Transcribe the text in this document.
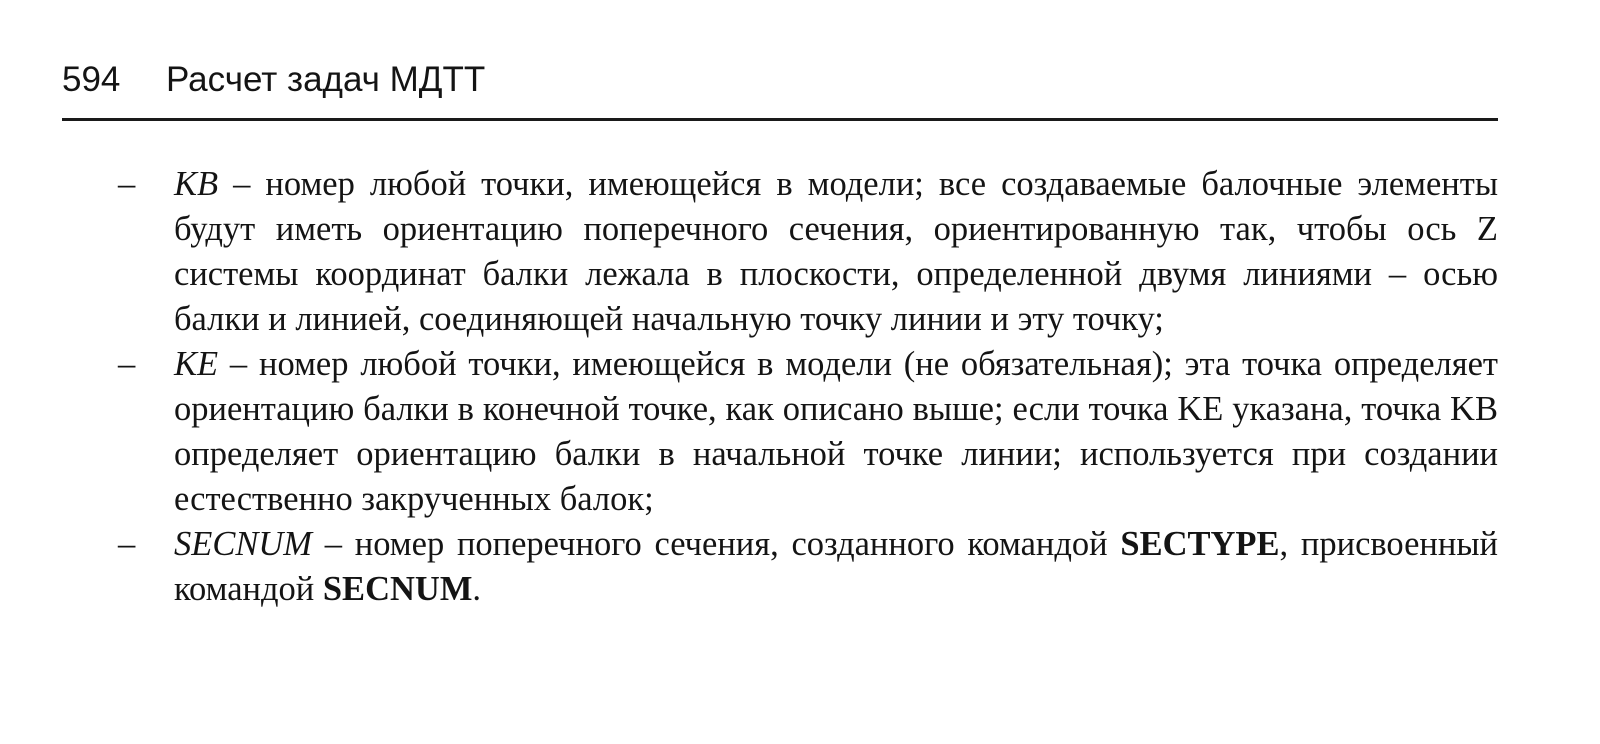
594 Расчет задач МДТТ
– KB – номер любой точки, имеющейся в модели; все создаваемые балочные элементы будут иметь ориентацию поперечного сечения, ориентированную так, чтобы ось Z системы координат балки лежала в плоскости, определенной двумя линиями – осью балки и линией, соединяющей начальную точку линии и эту точку;
– KE – номер любой точки, имеющейся в модели (не обязательная); эта точка определяет ориентацию балки в конечной точке, как описано выше; если точка KE указана, точка KB определяет ориентацию балки в начальной точке линии; используется при создании естественно закрученных балок;
– SECNUM – номер поперечного сечения, созданного командой SECTYPE, присвоенный командой SECNUM.
